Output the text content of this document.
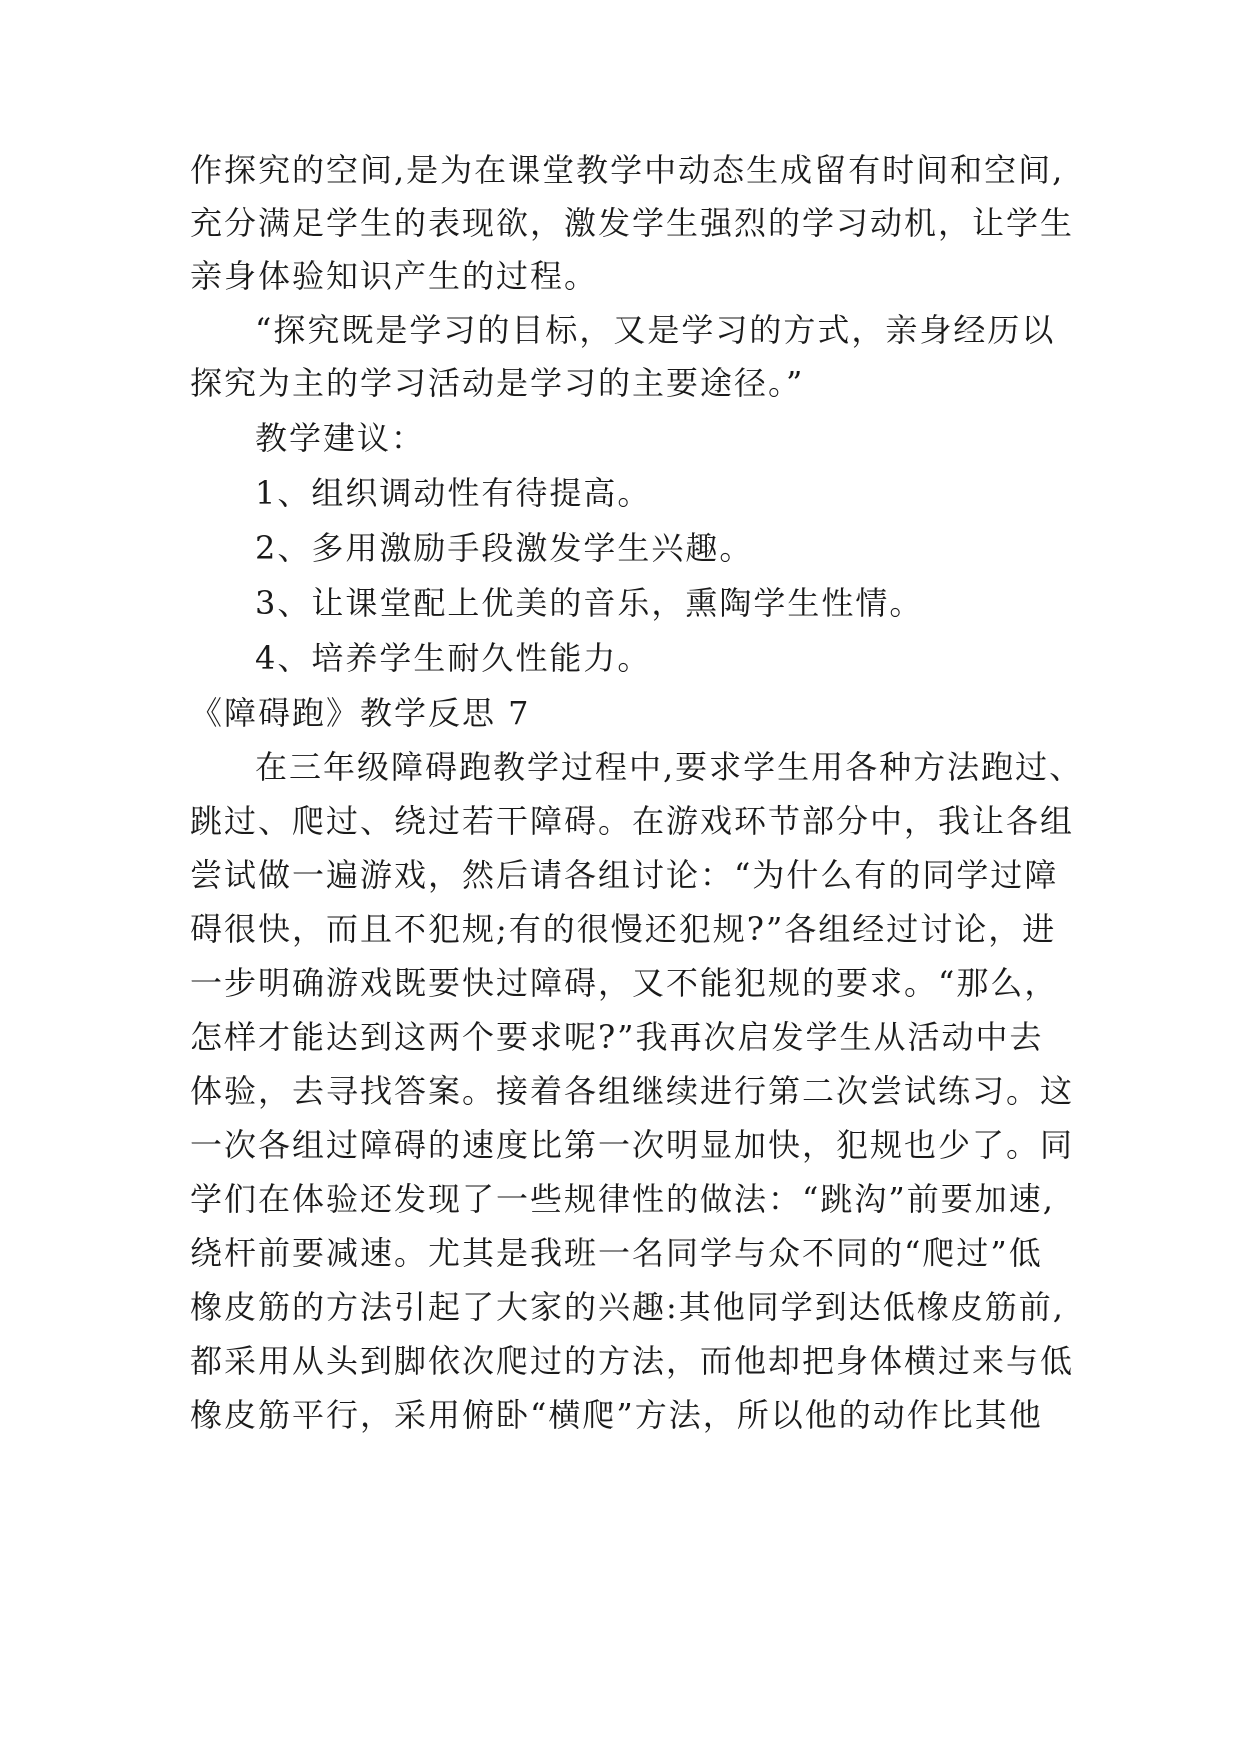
作探究的空间,是为在课堂教学中动态生成留有时间和空间,
充分满足学生的表现欲，激发学生强烈的学习动机，让学生
亲身体验知识产生的过程。
“探究既是学习的目标，又是学习的方式，亲身经历以
探究为主的学习活动是学习的主要途径。”
教学建议：
1、组织调动性有待提高。
2、多用激励手段激发学生兴趣。
3、让课堂配上优美的音乐，熏陶学生性情。
4、培养学生耐久性能力。
《障碍跑》教学反思 7
在三年级障碍跑教学过程中,要求学生用各种方法跑过、
跳过、爬过、绕过若干障碍。在游戏环节部分中，我让各组
尝试做一遍游戏，然后请各组讨论：“为什么有的同学过障
碍很快，而且不犯规;有的很慢还犯规?”各组经过讨论，进
一步明确游戏既要快过障碍，又不能犯规的要求。“那么，
怎样才能达到这两个要求呢?”我再次启发学生从活动中去
体验，去寻找答案。接着各组继续进行第二次尝试练习。这
一次各组过障碍的速度比第一次明显加快，犯规也少了。同
学们在体验还发现了一些规律性的做法：“跳沟”前要加速,
绕杆前要减速。尤其是我班一名同学与众不同的“爬过”低
橡皮筋的方法引起了大家的兴趣:其他同学到达低橡皮筋前,
都采用从头到脚依次爬过的方法，而他却把身体横过来与低
橡皮筋平行，采用俯卧“横爬”方法，所以他的动作比其他
